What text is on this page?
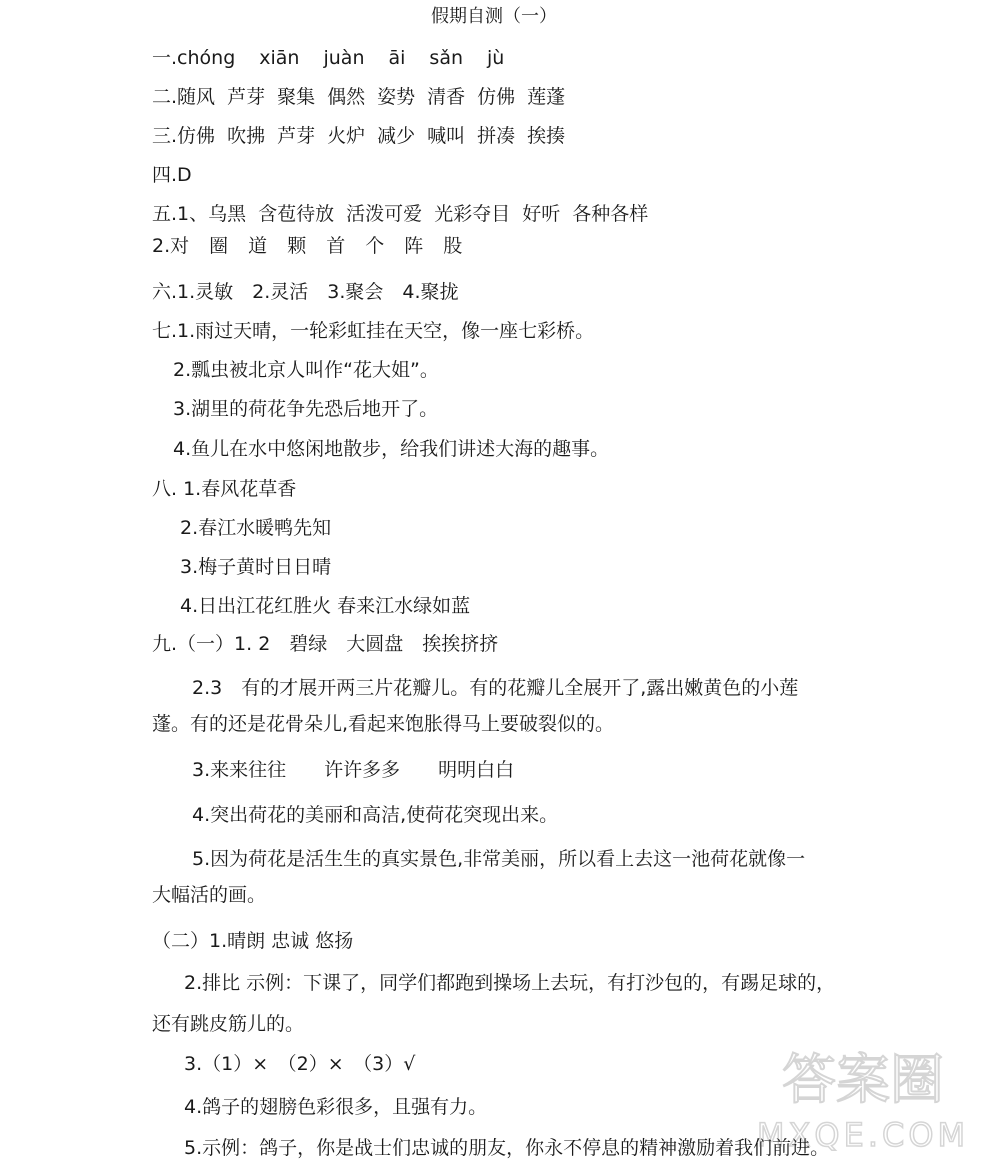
假期自测（一）
一.chóng xiān juàn āi sǎn jù
二.随风 芦芽 聚集 偶然 姿势 清香 仿佛 莲蓬
三.仿佛 吹拂 芦芽 火炉 减少 喊叫 拼凑 挨揍
四.D
五.1、乌黑 含苞待放 活泼可爱 光彩夺目 好听 各种各样
2.对 圈 道 颗 首 个 阵 股
六.1.灵敏　2.灵活　3.聚会　4.聚拢
七.1.雨过天晴，一轮彩虹挂在天空，像一座七彩桥。
2.瓢虫被北京人叫作“花大姐”。
3.湖里的荷花争先恐后地开了。
4.鱼儿在水中悠闲地散步，给我们讲述大海的趣事。
八. 1.春风花草香
2.春江水暖鸭先知
3.梅子黄时日日晴
4.日出江花红胜火 春来江水绿如蓝
九.（一）1. 2　碧绿　大圆盘　挨挨挤挤
2.3　有的才展开两三片花瓣儿。有的花瓣儿全展开了,露出嫩黄色的小莲
蓬。有的还是花骨朵儿,看起来饱胀得马上要破裂似的。
3.来来往往　　许许多多　　明明白白
4.突出荷花的美丽和高洁,使荷花突现出来。
5.因为荷花是活生生的真实景色,非常美丽，所以看上去这一池荷花就像一
大幅活的画。
（二）1.晴朗 忠诚 悠扬
2.排比 示例：下课了，同学们都跑到操场上去玩，有打沙包的，有踢足球的，
还有跳皮筋儿的。
3.（1）×　（2）×　（3）√
4.鸽子的翅膀色彩很多，且强有力。
5.示例：鸽子，你是战士们忠诚的朋友，你永不停息的精神激励着我们前进。
答案圈
MXQE.COM
